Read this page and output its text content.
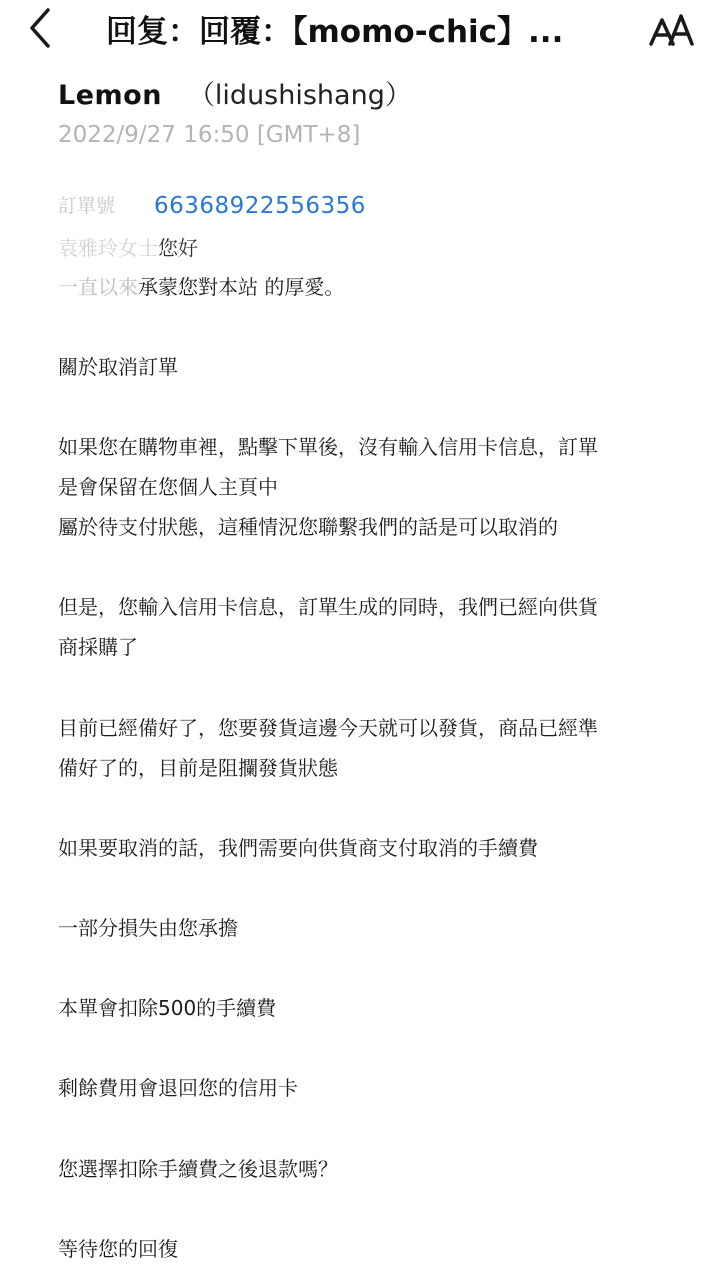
回复：回覆：【momo-chic】...
Lemon （lidushishang）
2022/9/27 16:50 [GMT+8]
訂單號 66368922556356
袁雅玲女士您好
一直以來承蒙您對本站 的厚愛。
關於取消訂單
如果您在購物車裡，點擊下單後，沒有輸入信用卡信息，訂單
是會保留在您個人主頁中
屬於待支付狀態，這種情況您聯繫我們的話是可以取消的
但是，您輸入信用卡信息，訂單生成的同時，我們已經向供貨
商採購了
目前已經備好了，您要發貨這邊今天就可以發貨，商品已經準
備好了的，目前是阻攔發貨狀態
如果要取消的話，我們需要向供貨商支付取消的手續費
一部分損失由您承擔
本單會扣除500的手續費
剩餘費用會退回您的信用卡
您選擇扣除手續費之後退款嗎？
等待您的回復
